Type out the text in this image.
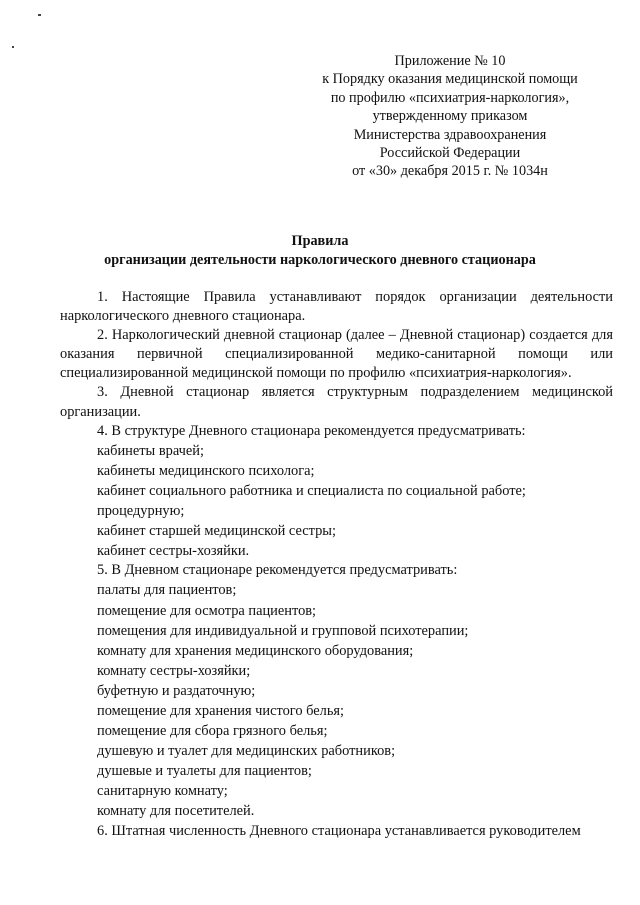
Приложение № 10
к Порядку оказания медицинской помощи
по профилю «психиатрия-наркология»,
утвержденному приказом
Министерства здравоохранения
Российской Федерации
от «30» декабря 2015 г. № 1034н
Правила
организации деятельности наркологического дневного стационара

1. Настоящие Правила устанавливают порядок организации деятельности наркологического дневного стационара.

2. Наркологический дневной стационар (далее – Дневной стационар) создается для оказания первичной специализированной медико-санитарной помощи или специализированной медицинской помощи по профилю «психиатрия-наркология».

3. Дневной стационар является структурным подразделением медицинской организации.

4. В структуре Дневного стационара рекомендуется предусматривать:

кабинеты врачей;

кабинеты медицинского психолога;

кабинет социального работника и специалиста по социальной работе;

процедурную;

кабинет старшей медицинской сестры;

кабинет сестры-хозяйки.

5. В Дневном стационаре рекомендуется предусматривать:

палаты для пациентов;

помещение для осмотра пациентов;

помещения для индивидуальной и групповой психотерапии;

комнату для хранения медицинского оборудования;

комнату сестры-хозяйки;

буфетную и раздаточную;

помещение для хранения чистого белья;

помещение для сбора грязного белья;

душевую и туалет для медицинских работников;

душевые и туалеты для пациентов;

санитарную комнату;

комнату для посетителей.

6. Штатная численность Дневного стационара устанавливается руководителем
